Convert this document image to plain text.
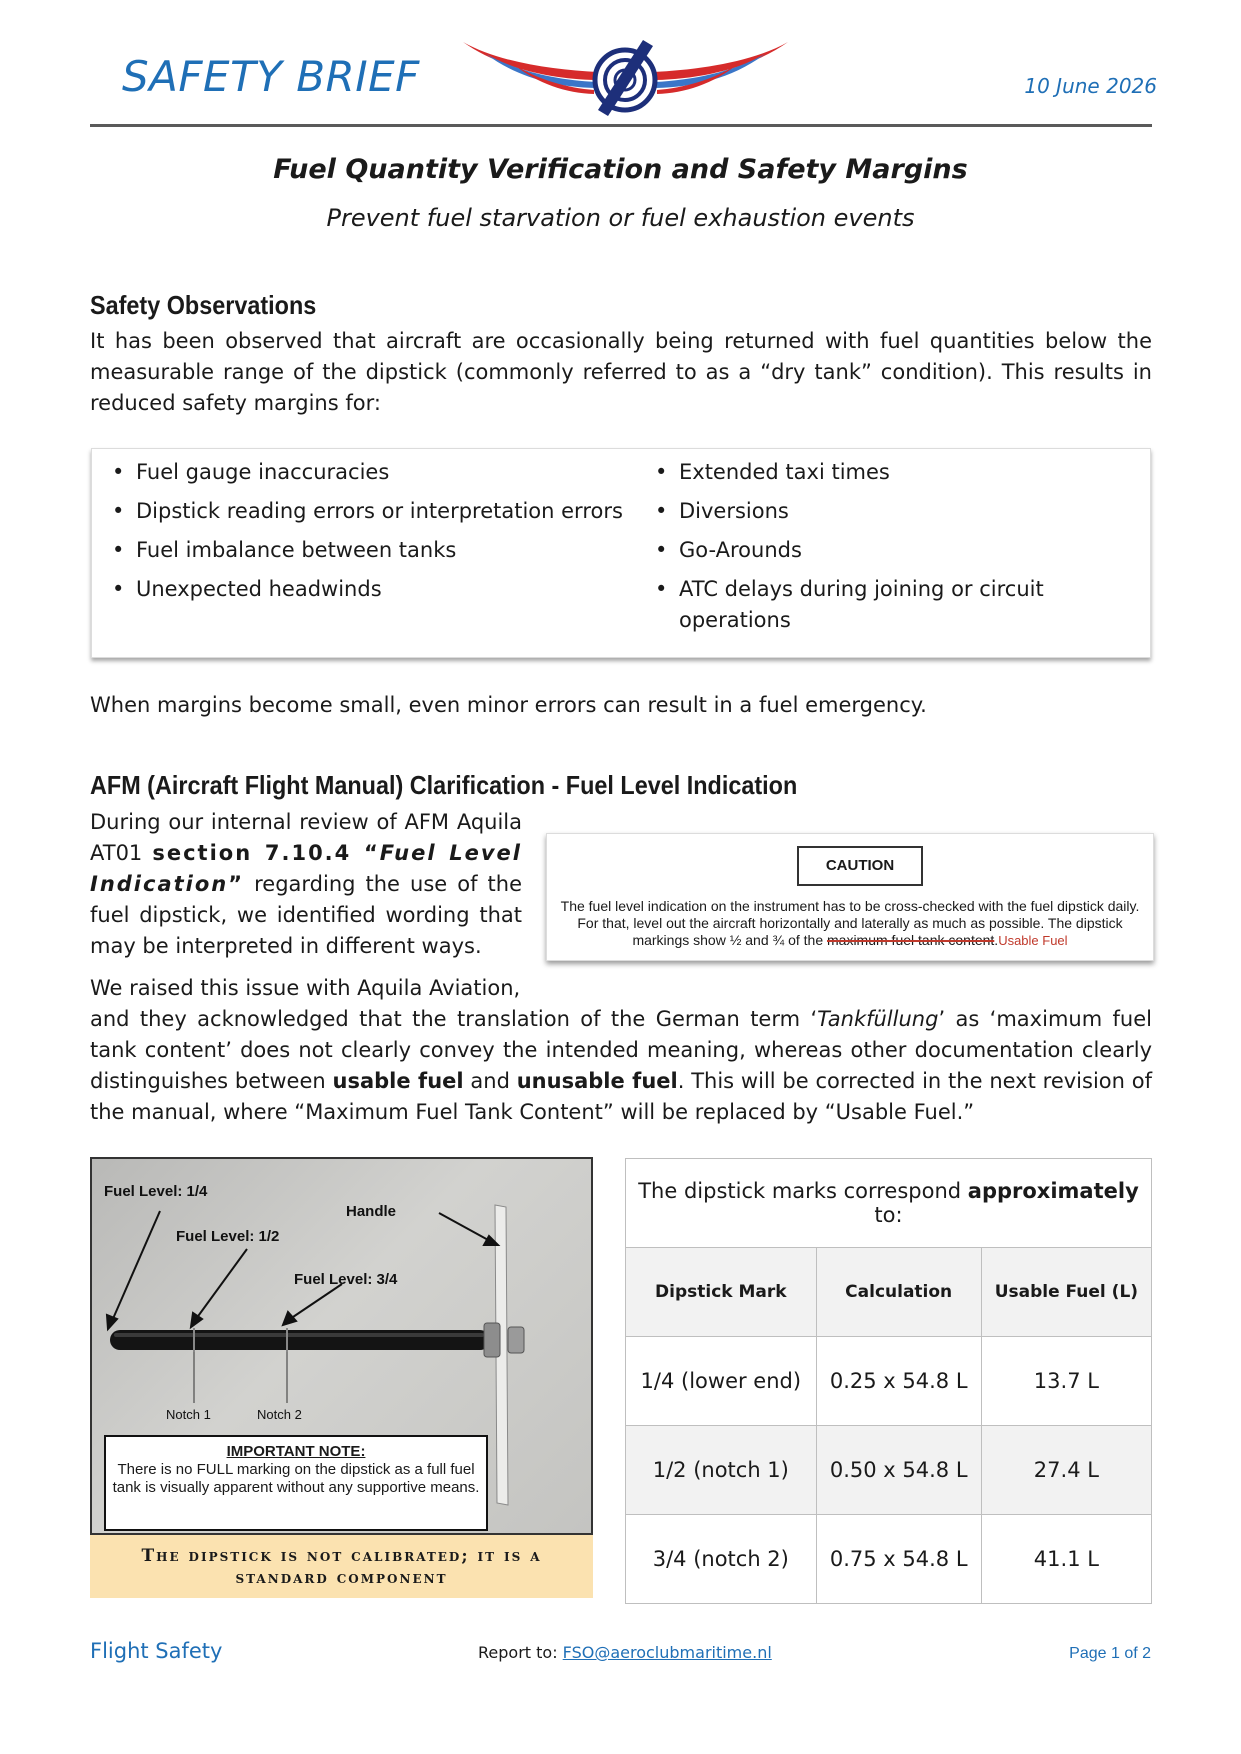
SAFETY BRIEF	10 June 2026
Fuel Quantity Verification and Safety Margins
Prevent fuel starvation or fuel exhaustion events
Safety Observations
It has been observed that aircraft are occasionally being returned with fuel quantities below the measurable range of the dipstick (commonly referred to as a “dry tank” condition). This results in reduced safety margins for:
• Fuel gauge inaccuracies
• Dipstick reading errors or interpretation errors
• Fuel imbalance between tanks
• Unexpected headwinds
• Extended taxi times
• Diversions
• Go-Arounds
• ATC delays during joining or circuit operations
When margins become small, even minor errors can result in a fuel emergency.
AFM (Aircraft Flight Manual) Clarification - Fuel Level Indication
During our internal review of AFM Aquila AT01 section 7.10.4 “Fuel Level Indication” regarding the use of the fuel dipstick, we identified wording that may be interpreted in different ways.
We raised this issue with Aquila Aviation,
and they acknowledged that the translation of the German term ‘Tankfüllung’ as ‘maximum fuel tank content’ does not clearly convey the intended meaning, whereas other documentation clearly distinguishes between usable fuel and unusable fuel. This will be corrected in the next revision of the manual, where “Maximum Fuel Tank Content” will be replaced by “Usable Fuel.”
CAUTION
The fuel level indication on the instrument has to be cross-checked with the fuel dipstick daily. For that, level out the aircraft horizontally and laterally as much as possible. The dipstick markings show ½ and ¾ of the maximum fuel tank content.Usable Fuel
Fuel Level: 1/4
Fuel Level: 1/2
Fuel Level: 3/4
Handle
Notch 1	Notch 2
IMPORTANT NOTE:
There is no FULL marking on the dipstick as a full fuel tank is visually apparent without any supportive means.
The dipstick is not calibrated; it is a standard component
The dipstick marks correspond approximately to:		
Dipstick Mark	Calculation	Usable Fuel (L)
1/4 (lower end)	0.25 x 54.8 L	13.7 L
1/2 (notch 1)	0.50 x 54.8 L	27.4 L
3/4 (notch 2)	0.75 x 54.8 L	41.1 L
Flight Safety	Report to: FSO@aeroclubmaritime.nl	Page 1 of 2
